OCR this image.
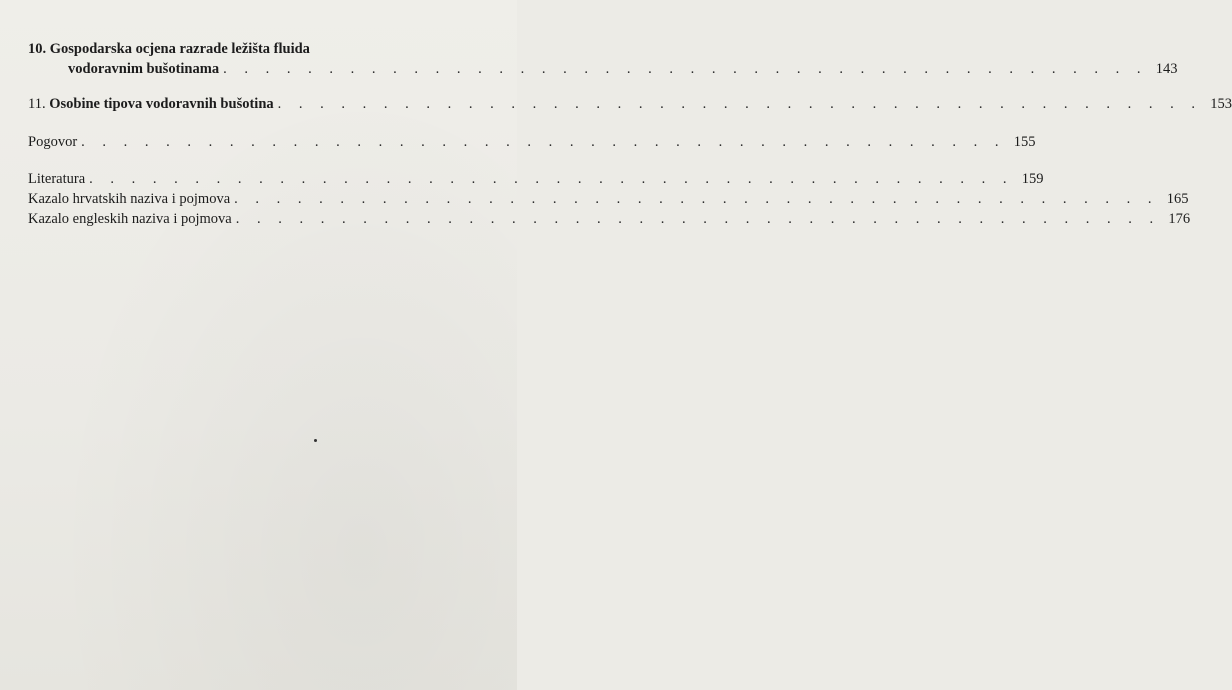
10. Gospodarska ocjena razrade ležišta fluida
vodoravnim bušotinama . . . . . . . . . . . . . . . . . . . . . . . . . . . . . . . . . . . . . . . . . . . . 143
11. Osobine tipova vodoravnih bušotina . . . . . . . . . . . . . . . . . . . . . . . . . . . . . . . . . . . . . . . . . . . . 153
Pogovor . . . . . . . . . . . . . . . . . . . . . . . . . . . . . . . . . . . . . . . . . . . . 155
Literatura . . . . . . . . . . . . . . . . . . . . . . . . . . . . . . . . . . . . . . . . . . . . 159
Kazalo hrvatskih naziva i pojmova . . . . . . . . . . . . . . . . . . . . . . . . . . . . . . . . . . . . . . . . . . . . 165
Kazalo engleskih naziva i pojmova . . . . . . . . . . . . . . . . . . . . . . . . . . . . . . . . . . . . . . . . . . . . 176
